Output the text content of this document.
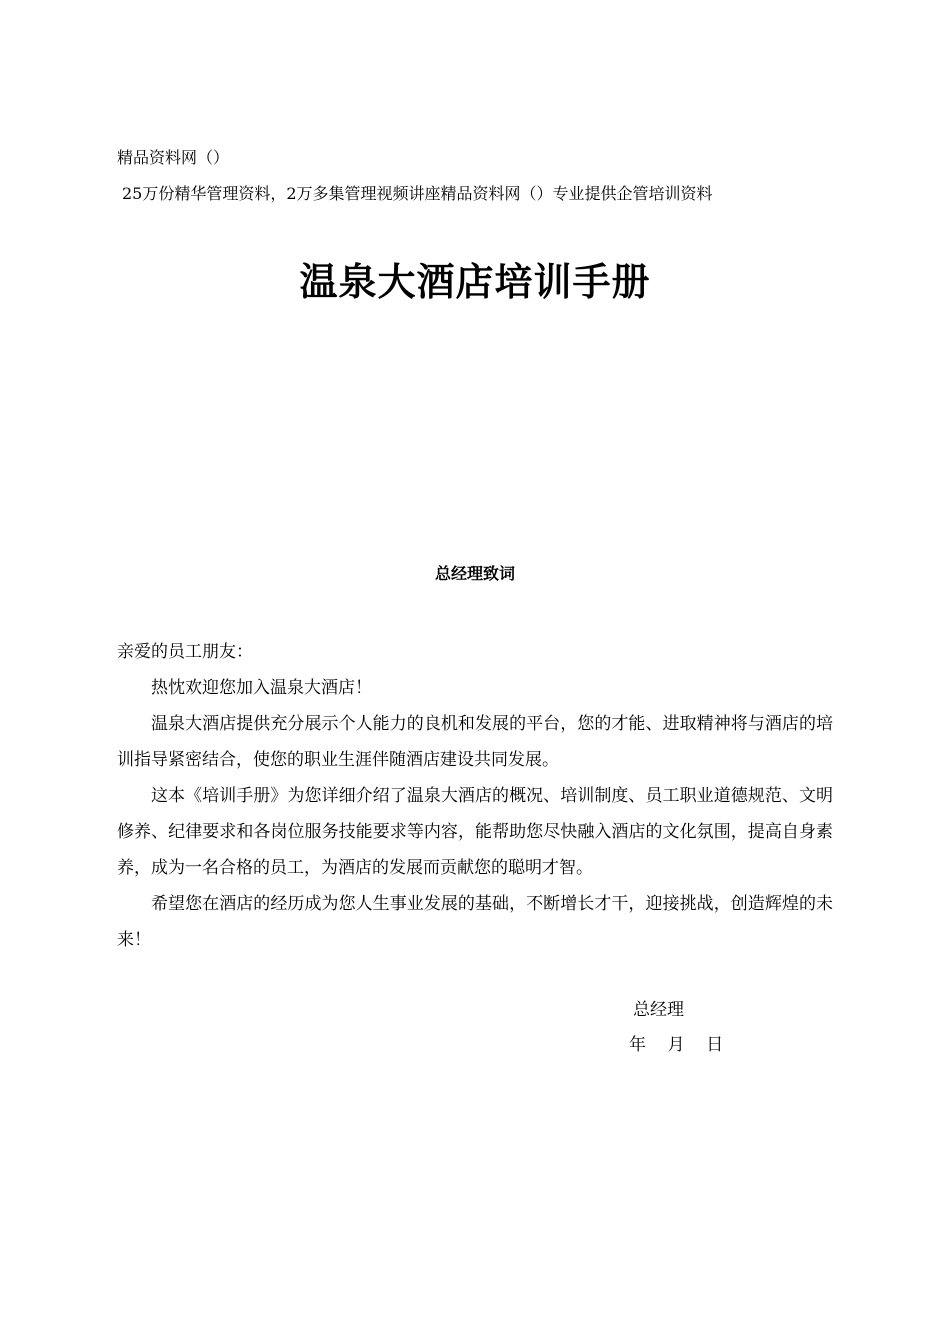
精品资料网（）
25万份精华管理资料，2万多集管理视频讲座精品资料网（）专业提供企管培训资料
温泉大酒店培训手册
总经理致词

亲爱的员工朋友：

热忱欢迎您加入温泉大酒店！

温泉大酒店提供充分展示个人能力的良机和发展的平台，您的才能、进取精神将与酒店的培训指导紧密结合，使您的职业生涯伴随酒店建设共同发展。

这本《培训手册》为您详细介绍了温泉大酒店的概况、培训制度、员工职业道德规范、文明修养、纪律要求和各岗位服务技能要求等内容，能帮助您尽快融入酒店的文化氛围，提高自身素养，成为一名合格的员工，为酒店的发展而贡献您的聪明才智。

希望您在酒店的经历成为您人生事业发展的基础，不断增长才干，迎接挑战，创造辉煌的未来！

总经理
年    月    日
